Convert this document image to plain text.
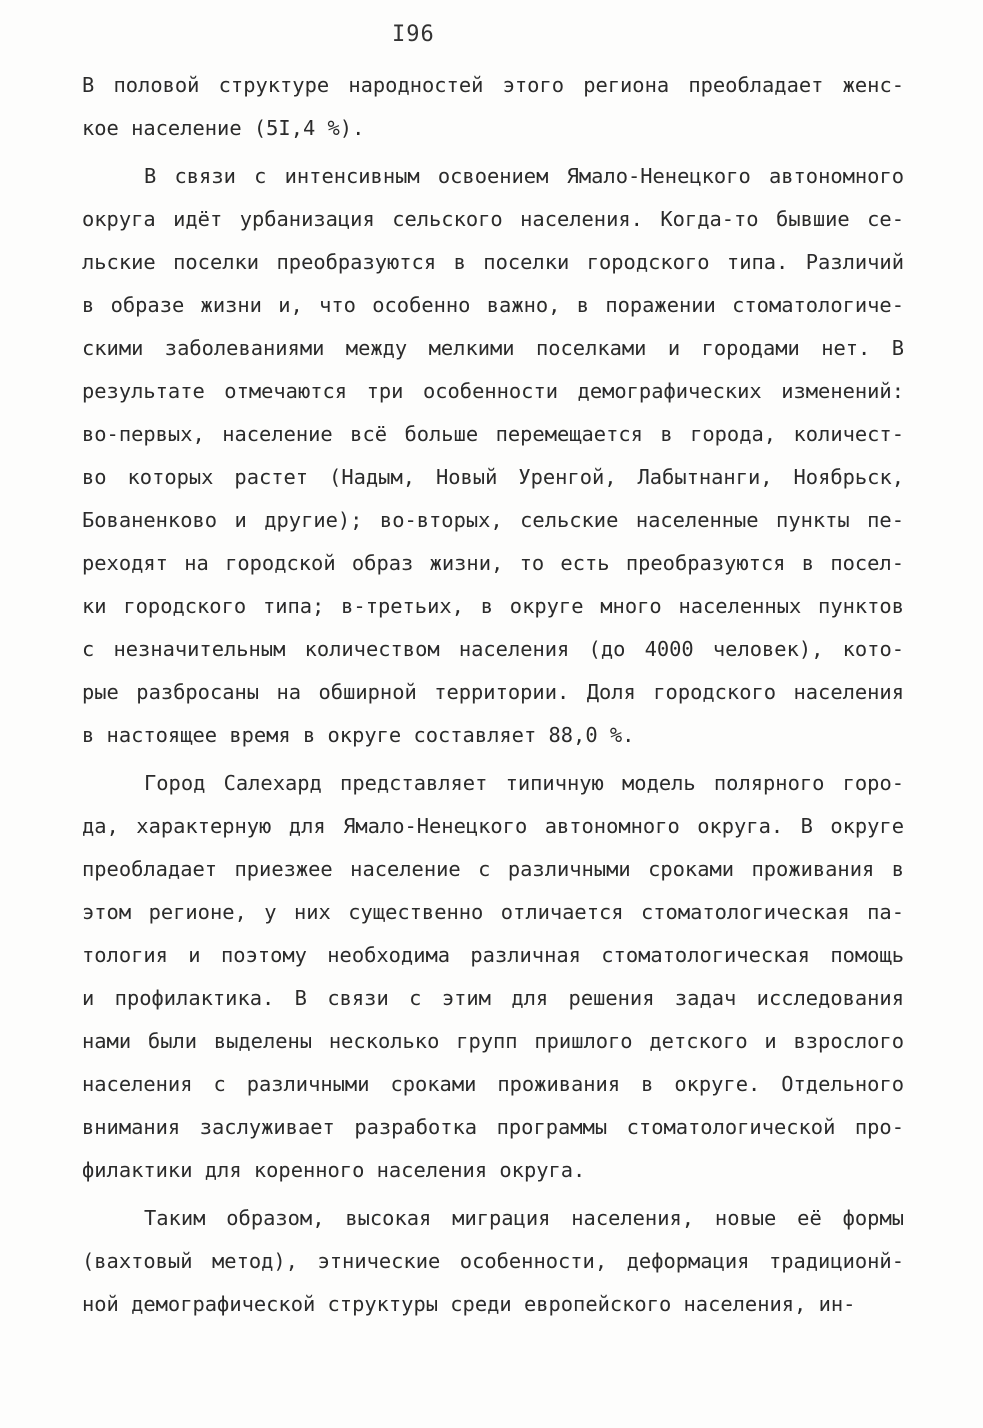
I96
В половой структуре народностей этого региона преобладает женс-
кое население (5I,4 %).
В связи с интенсивным освоением Ямало-Ненецкого автономного
округа идёт урбанизация сельского населения. Когда-то бывшие се-
льские поселки преобразуются в поселки городского типа. Различий
в образе жизни и, что особенно важно, в поражении стоматологиче-
скими заболеваниями между мелкими поселками и городами нет. В
результате отмечаются три особенности демографических изменений:
во-первых, население всё больше перемещается в города, количест-
во которых растет (Надым, Новый Уренгой, Лабытнанги, Ноябрьск,
Бованенково и другие); во-вторых, сельские населенные пункты пе-
реходят на городской образ жизни, то есть преобразуются в посел-
ки городского типа; в-третьих, в округе много населенных пунктов
с незначительным количеством населения (до 4000 человек), кото-
рые разбросаны на обширной территории. Доля городского населения
в настоящее время в округе составляет 88,0 %.
Город Салехард представляет типичную модель полярного горо-
да, характерную для Ямало-Ненецкого автономного округа. В округе
преобладает приезжее население с различными сроками проживания в
этом регионе, у них существенно отличается стоматологическая па-
тология и поэтому необходима различная стоматологическая помощь
и профилактика. В связи с этим для решения задач исследования
нами были выделены несколько групп пришлого детского и взрослого
населения с различными сроками проживания в округе. Отдельного
внимания заслуживает разработка программы стоматологической про-
филактики для коренного населения округа.
Таким образом, высокая миграция населения, новые её формы
(вахтовый метод), этнические особенности, деформация традиционй-
ной демографической структуры среди европейского населения, ин-
